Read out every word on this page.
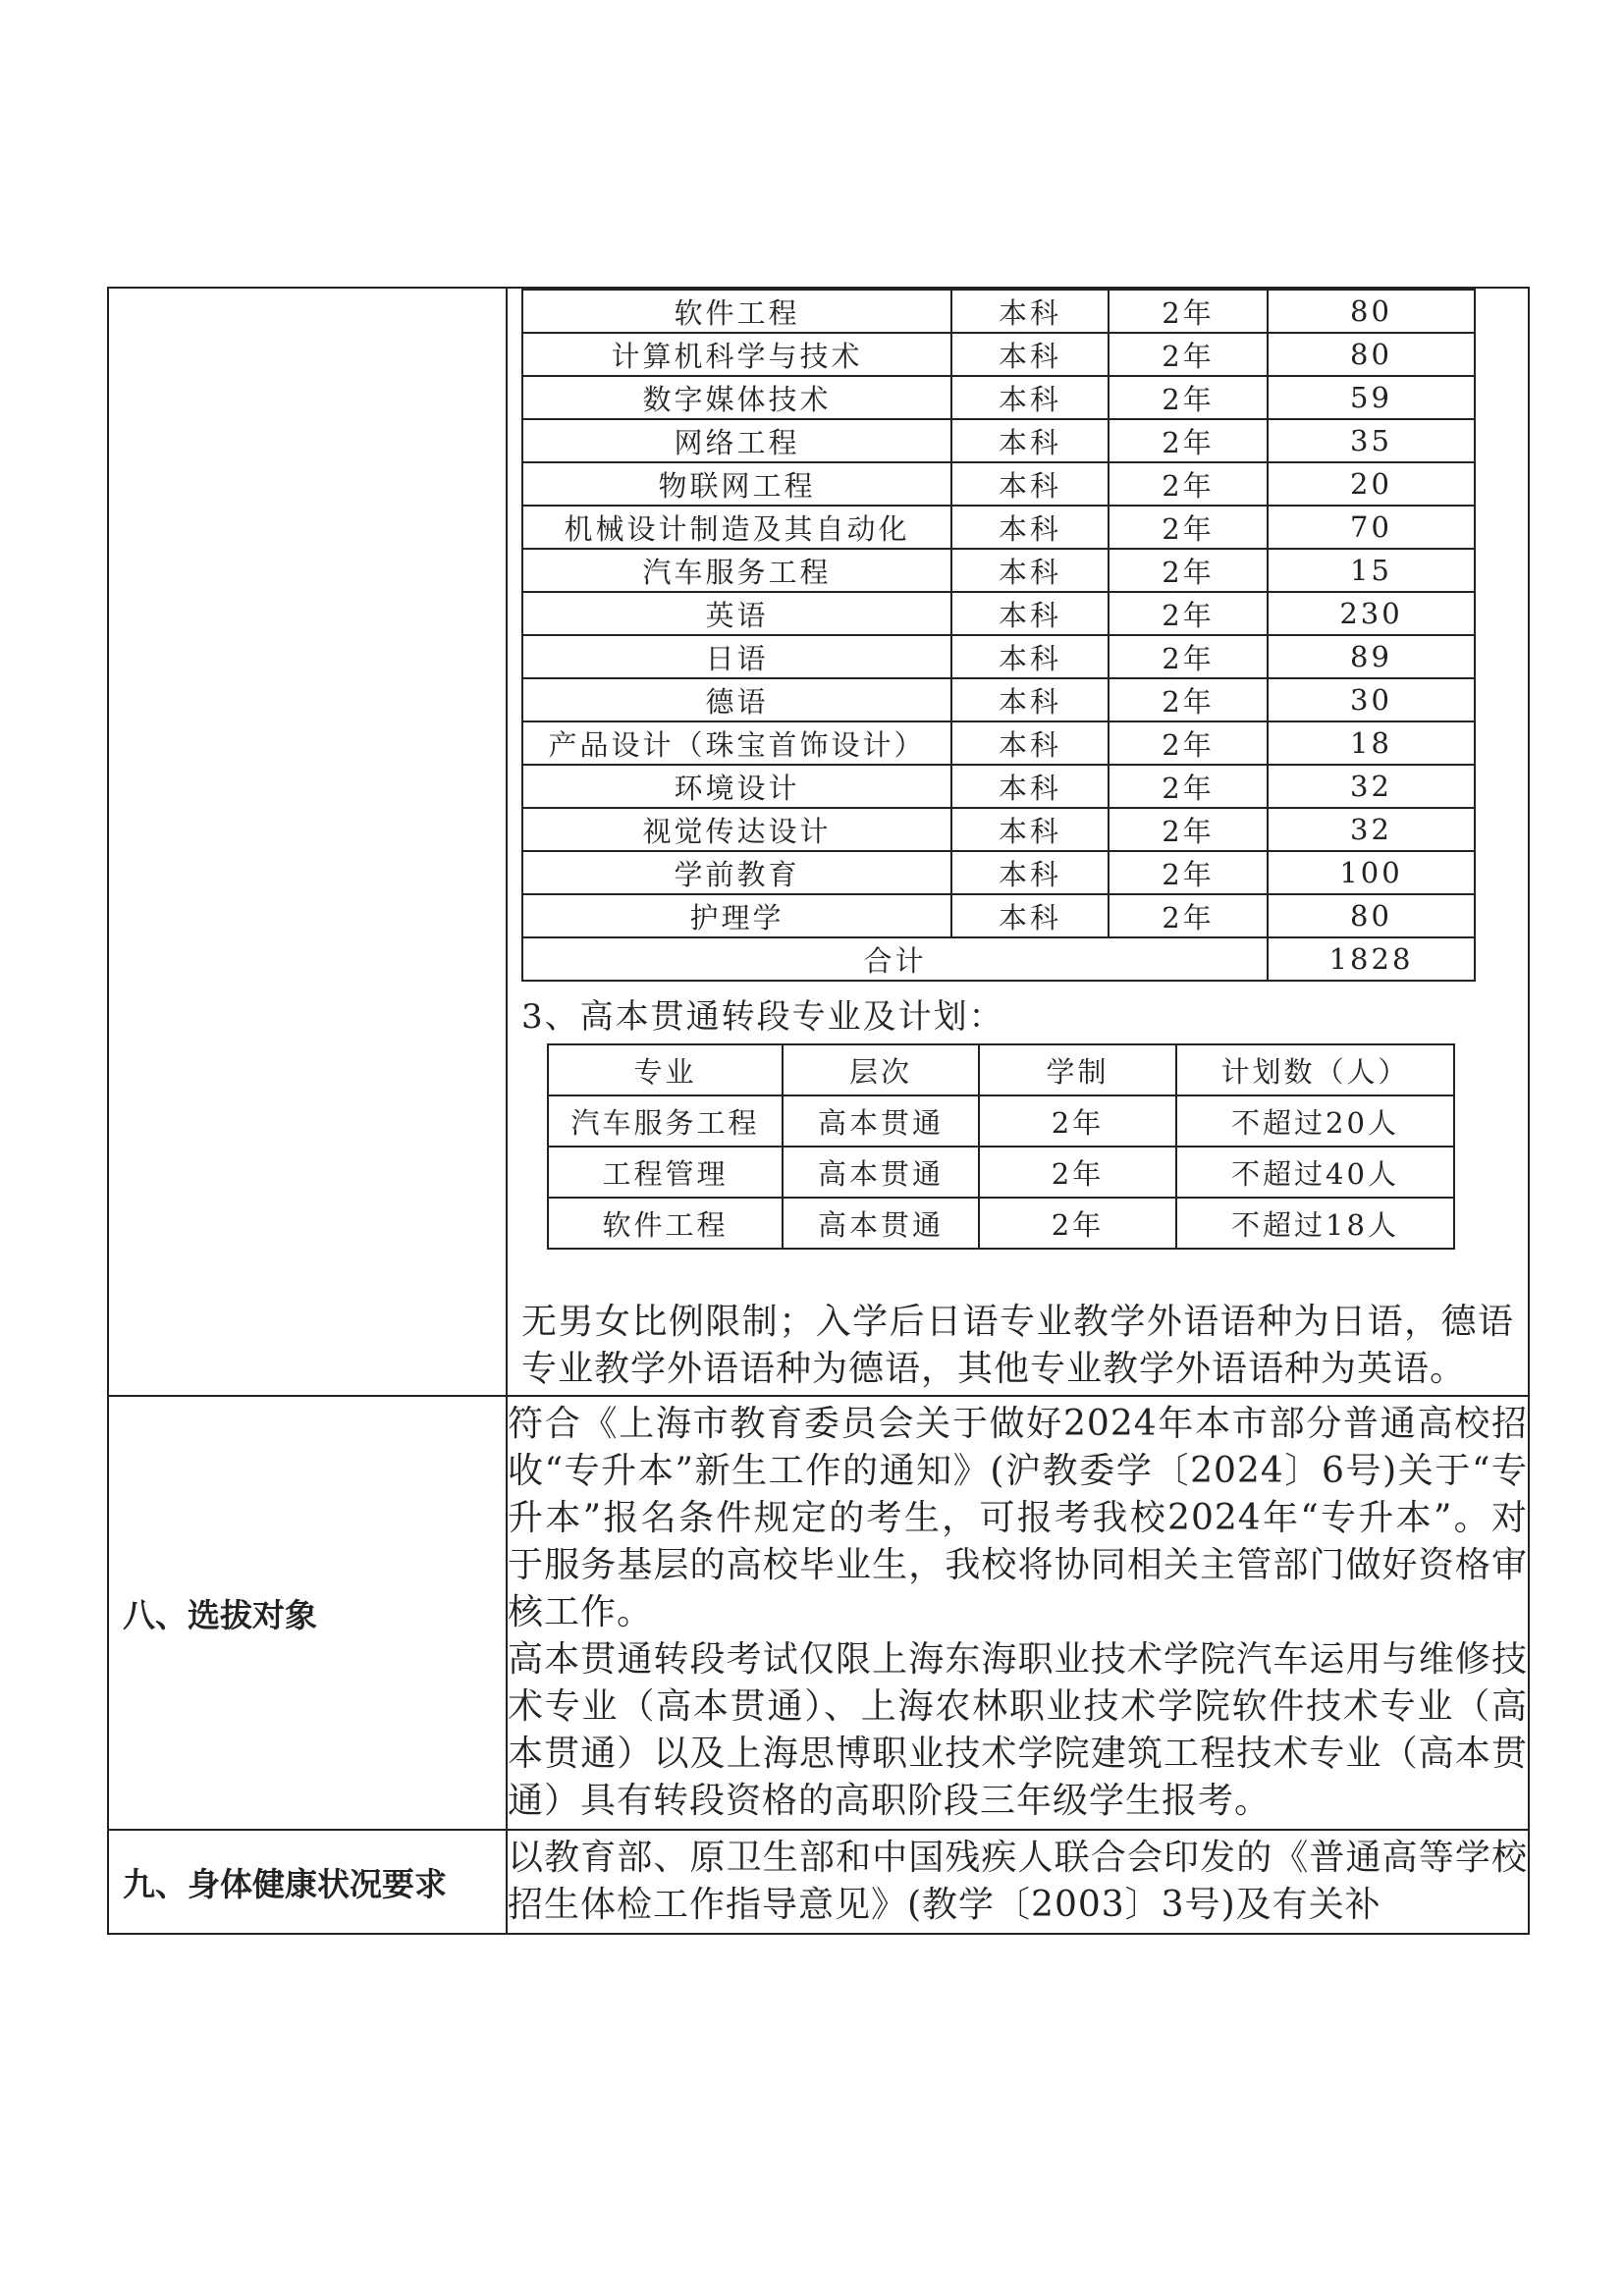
软件工程	本科	2年	80
计算机科学与技术	本科	2年	80
数字媒体技术	本科	2年	59
网络工程	本科	2年	35
物联网工程	本科	2年	20
机械设计制造及其自动化	本科	2年	70
汽车服务工程	本科	2年	15
英语	本科	2年	230
日语	本科	2年	89
德语	本科	2年	30
产品设计（珠宝首饰设计）	本科	2年	18
环境设计	本科	2年	32
视觉传达设计	本科	2年	32
学前教育	本科	2年	100
护理学	本科	2年	80
合计	1828
3、高本贯通转段专业及计划：
专业	层次	学制	计划数（人）
汽车服务工程	高本贯通	2年	不超过20人
工程管理	高本贯通	2年	不超过40人
软件工程	高本贯通	2年	不超过18人

无男女比例限制；入学后日语专业教学外语语种为日语，德语专业教学外语语种为德语，其他专业教学外语语种为英语。

八、选拔对象	

符合《上海市教育委员会关于做好2024年本市部分普通高校招收“专升本”新生工作的通知》(沪教委学〔2024〕6号)关于“专升本”报名条件规定的考生，可报考我校2024年“专升本”。对于服务基层的高校毕业生，我校将协同相关主管部门做好资格审核工作。

高本贯通转段考试仅限上海东海职业技术学院汽车运用与维修技术专业（高本贯通）、上海农林职业技术学院软件技术专业（高本贯通）以及上海思博职业技术学院建筑工程技术专业（高本贯通）具有转段资格的高职阶段三年级学生报考。

九、身体健康状况要求	

以教育部、原卫生部和中国残疾人联合会印发的《普通高等学校招生体检工作指导意见》(教学〔2003〕3号)及有关补
